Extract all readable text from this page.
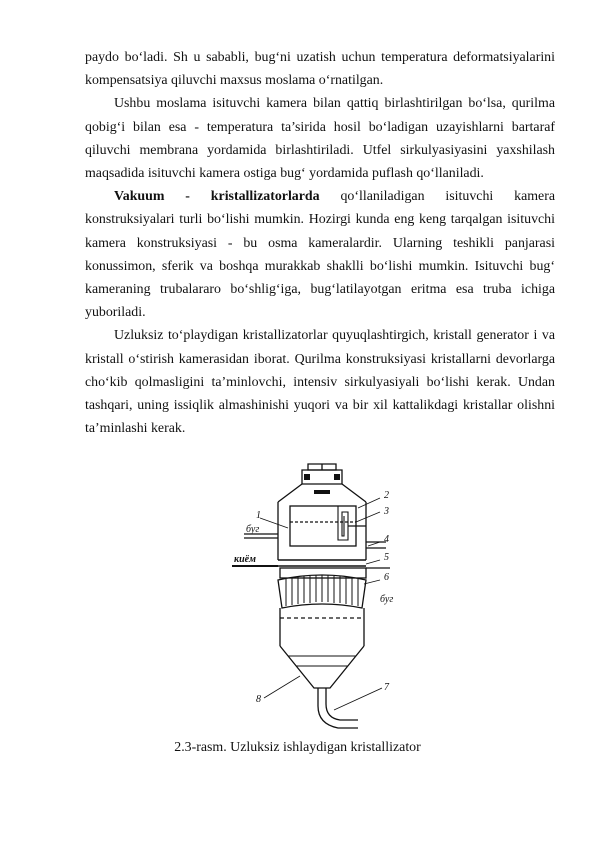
paydo bo‘ladi. Sh u sababli, bug‘ni uzatish uchun temperatura deformatsiyalarini kompensatsiya qiluvchi maxsus moslama o‘rnatilgan.

Ushbu moslama isituvchi kamera bilan qattiq birlashtirilgan bo‘lsa, qurilma qobig‘i bilan esa - temperatura ta’sirida hosil bo‘ladigan uzayishlarni bartaraf qiluvchi membrana yordamida birlashtiriladi. Utfel sirkulyasiyasini yaxshilash maqsadida isituvchi kamera ostiga bug‘ yordamida puflash qo‘llaniladi.

Vakuum - kristallizatorlarda qo‘llaniladigan isituvchi kamera konstruksiyalari turli bo‘lishi mumkin. Hozirgi kunda eng keng tarqalgan isituvchi kamera konstruksiyasi - bu osma kameralardir. Ularning teshikli panjarasi konussimon, sferik va boshqa murakkab shaklli bo‘lishi mumkin. Isituvchi bug‘ kameraning trubalararo bo‘shlig‘iga, bug‘latilayotgan eritma esa truba ichiga yuboriladi.

Uzluksiz to‘playdigan kristallizatorlar quyuqlashtirgich, kristall generator i va kristall o‘stirish kamerasidan iborat. Qurilma konstruksiyasi kristallarni devorlarga cho‘kib qolmasligini ta’minlovchi, intensiv sirkulyasiyali bo‘lishi kerak. Undan tashqari, uning issiqlik almashinishi yuqori va bir xil kattalikdagi kristallar olishni ta’minlashi kerak.

1
2
3
4
5
6
7
8
буг
киём
буг
2.3-rasm. Uzluksiz ishlaydigan kristallizator
